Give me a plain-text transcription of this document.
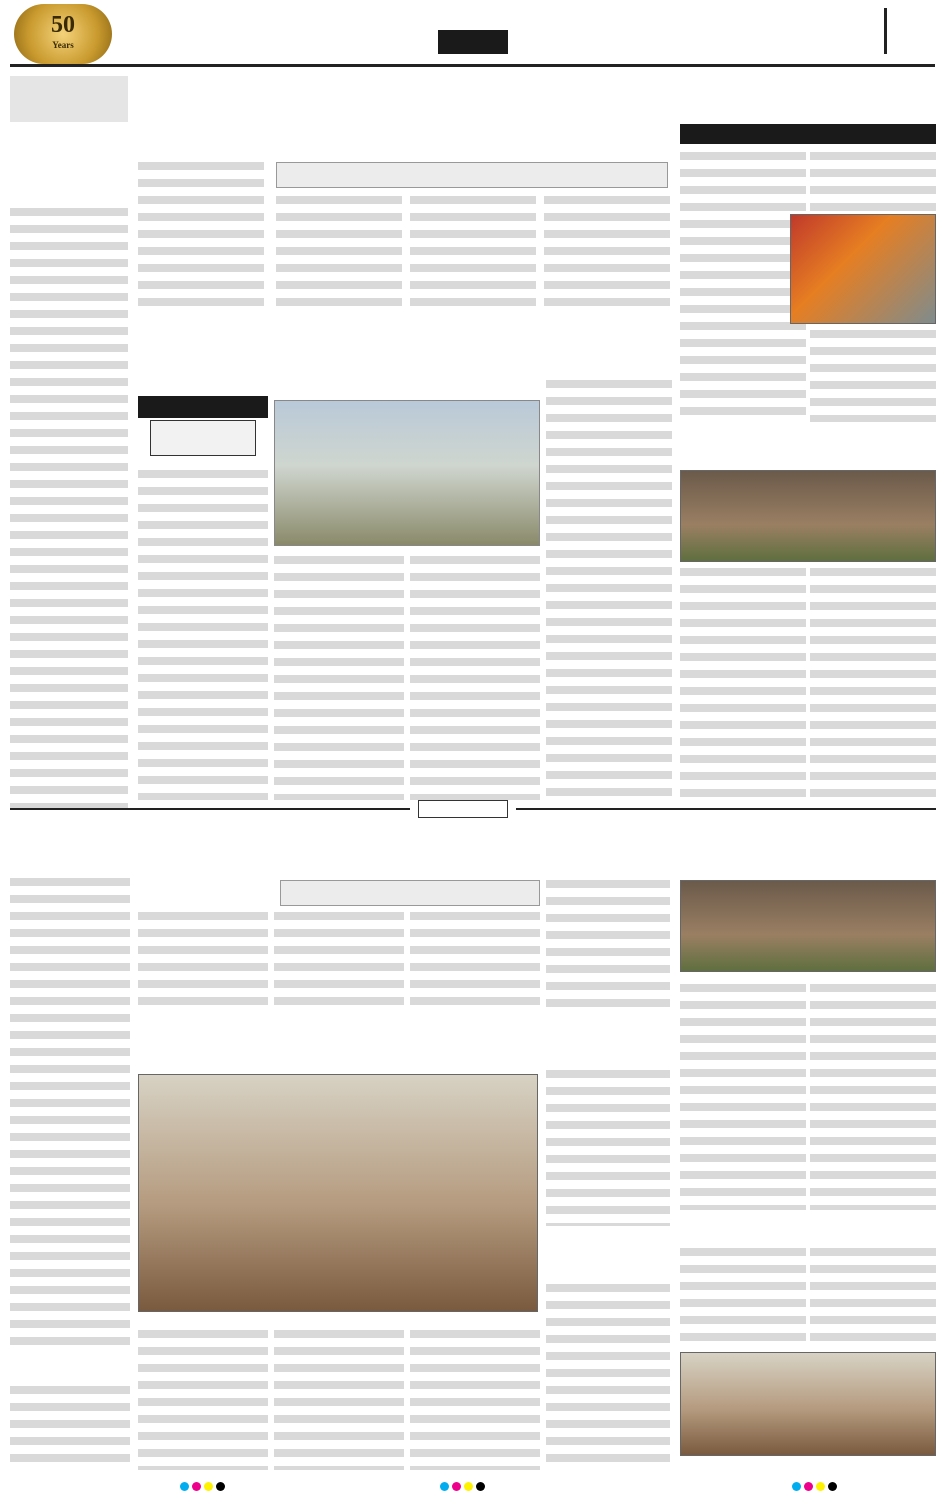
50
Years
